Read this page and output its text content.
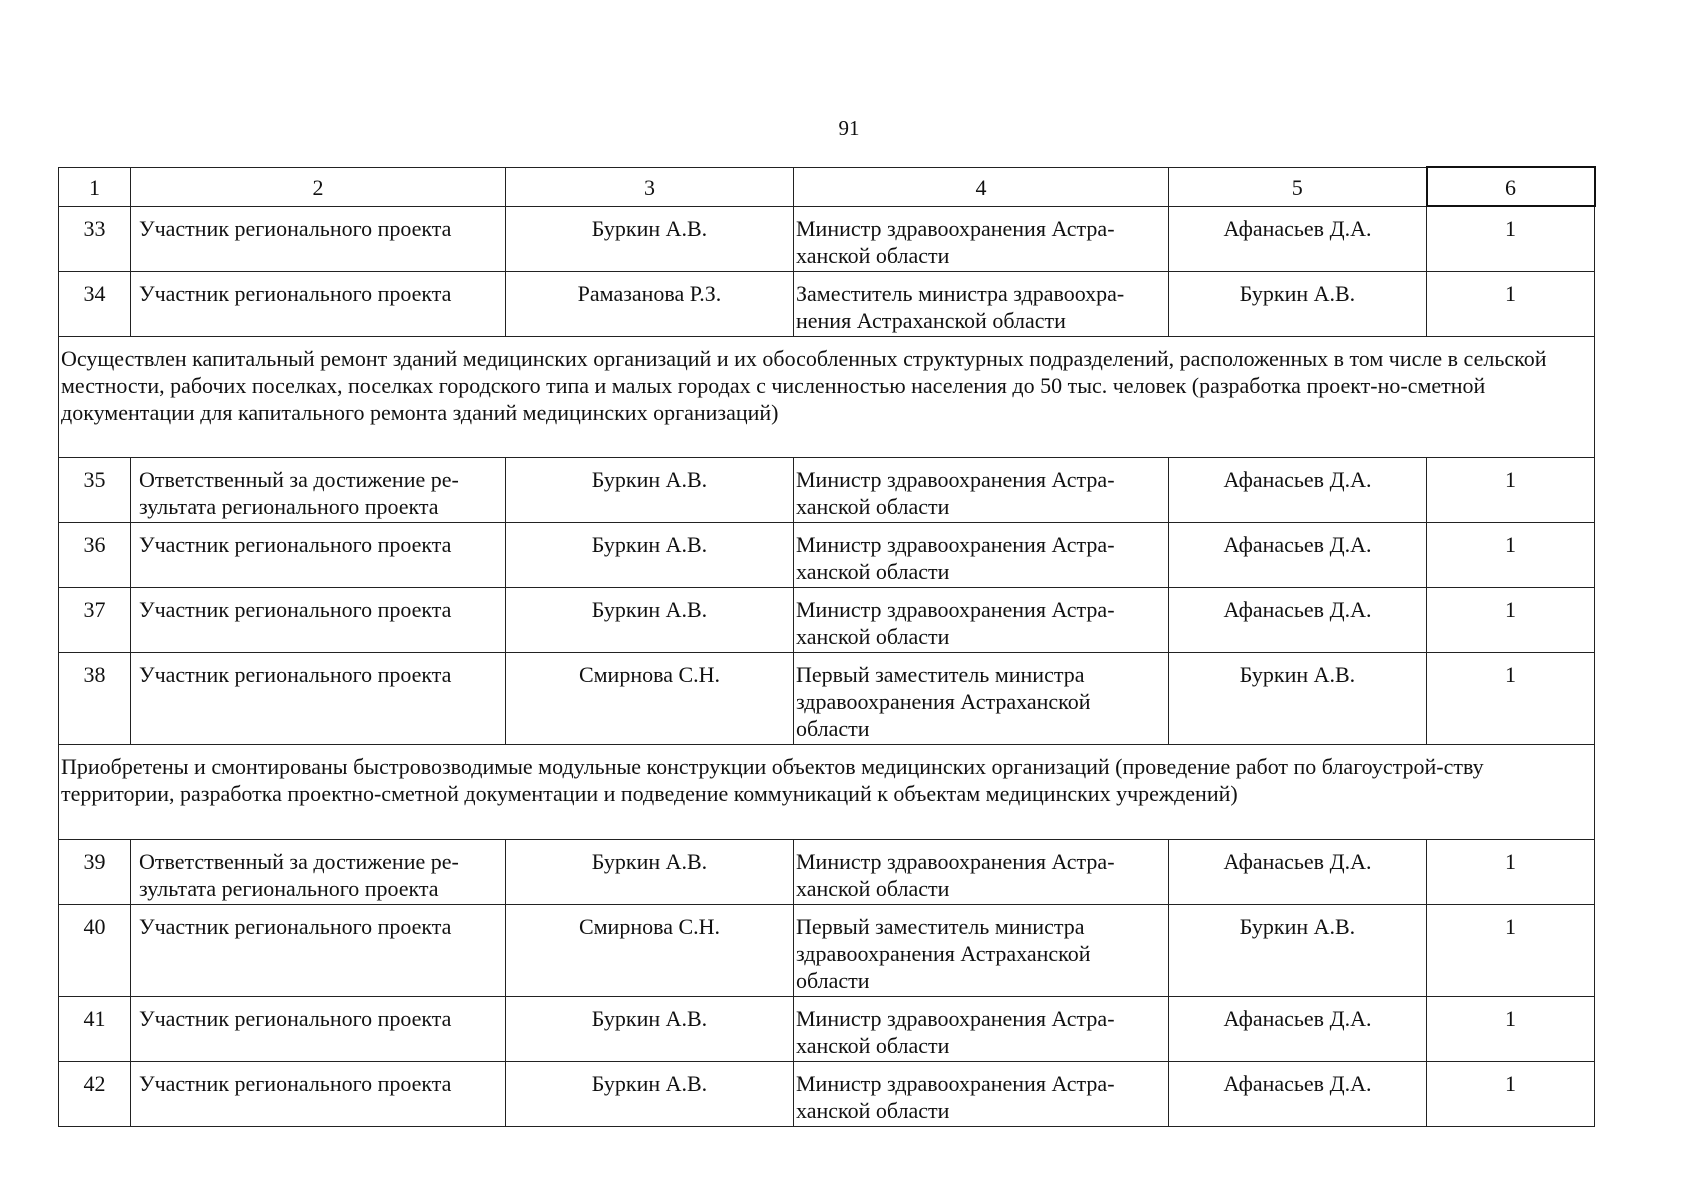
91
1	2	3	4	5	6
33	Участник регионального проекта	Буркин А.В.	Министр здравоохранения Астра-ханской области	Афанасьев Д.А.	1
34	Участник регионального проекта	Рамазанова Р.З.	Заместитель министра здравоохра-нения Астраханской области	Буркин А.В.	1
Осуществлен капитальный ремонт зданий медицинских организаций и их обособленных структурных подразделений, расположенных в том числе в сельской местности, рабочих поселках, поселках городского типа и малых городах с численностью населения до 50 тыс. человек (разработка проект-но-сметной документации для капитального ремонта зданий медицинских организаций)					
35	Ответственный за достижение ре-зультата регионального проекта	Буркин А.В.	Министр здравоохранения Астра-ханской области	Афанасьев Д.А.	1
36	Участник регионального проекта	Буркин А.В.	Министр здравоохранения Астра-ханской области	Афанасьев Д.А.	1
37	Участник регионального проекта	Буркин А.В.	Министр здравоохранения Астра-ханской области	Афанасьев Д.А.	1
38	Участник регионального проекта	Смирнова С.Н.	Первый заместитель министра здравоохранения Астраханской области	Буркин А.В.	1
Приобретены и смонтированы быстровозводимые модульные конструкции объектов медицинских организаций (проведение работ по благоустрой-ству территории, разработка проектно-сметной документации и подведение коммуникаций к объектам медицинских учреждений)					
39	Ответственный за достижение ре-зультата регионального проекта	Буркин А.В.	Министр здравоохранения Астра-ханской области	Афанасьев Д.А.	1
40	Участник регионального проекта	Смирнова С.Н.	Первый заместитель министра здравоохранения Астраханской области	Буркин А.В.	1
41	Участник регионального проекта	Буркин А.В.	Министр здравоохранения Астра-ханской области	Афанасьев Д.А.	1
42	Участник регионального проекта	Буркин А.В.	Министр здравоохранения Астра-ханской области	Афанасьев Д.А.	1
